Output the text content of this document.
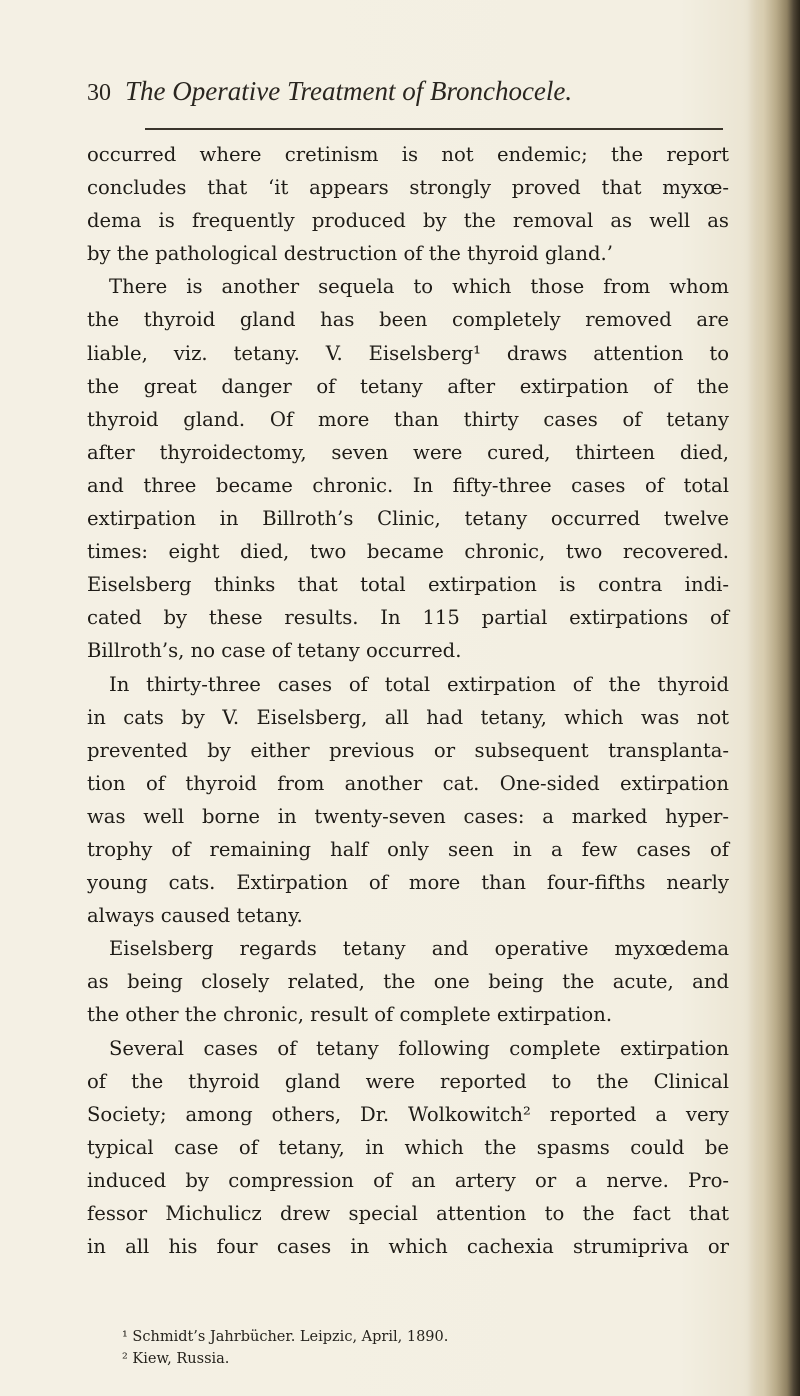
30 The Operative Treatment of Bronchocele.
occurred where cretinism is not endemic; the report
concludes that ‘it appears strongly proved that myxœ-
dema is frequently produced by the removal as well as
by the pathological destruction of the thyroid gland.’
There is another sequela to which those from whom
the thyroid gland has been completely removed are
liable, viz. tetany. V. Eiselsberg¹ draws attention to
the great danger of tetany after extirpation of the
thyroid gland. Of more than thirty cases of tetany
after thyroidectomy, seven were cured, thirteen died,
and three became chronic. In fifty-three cases of total
extirpation in Billroth’s Clinic, tetany occurred twelve
times: eight died, two became chronic, two recovered.
Eiselsberg thinks that total extirpation is contra indi-
cated by these results. In 115 partial extirpations of
Billroth’s, no case of tetany occurred.
In thirty-three cases of total extirpation of the thyroid
in cats by V. Eiselsberg, all had tetany, which was not
prevented by either previous or subsequent transplanta-
tion of thyroid from another cat. One-sided extirpation
was well borne in twenty-seven cases: a marked hyper-
trophy of remaining half only seen in a few cases of
young cats. Extirpation of more than four-fifths nearly
always caused tetany.
Eiselsberg regards tetany and operative myxœdema
as being closely related, the one being the acute, and
the other the chronic, result of complete extirpation.
Several cases of tetany following complete extirpation
of the thyroid gland were reported to the Clinical
Society; among others, Dr. Wolkowitch² reported a very
typical case of tetany, in which the spasms could be
induced by compression of an artery or a nerve. Pro-
fessor Michulicz drew special attention to the fact that
in all his four cases in which cachexia strumipriva or
¹ Schmidt’s Jahrbücher. Leipzic, April, 1890.
² Kiew, Russia.
